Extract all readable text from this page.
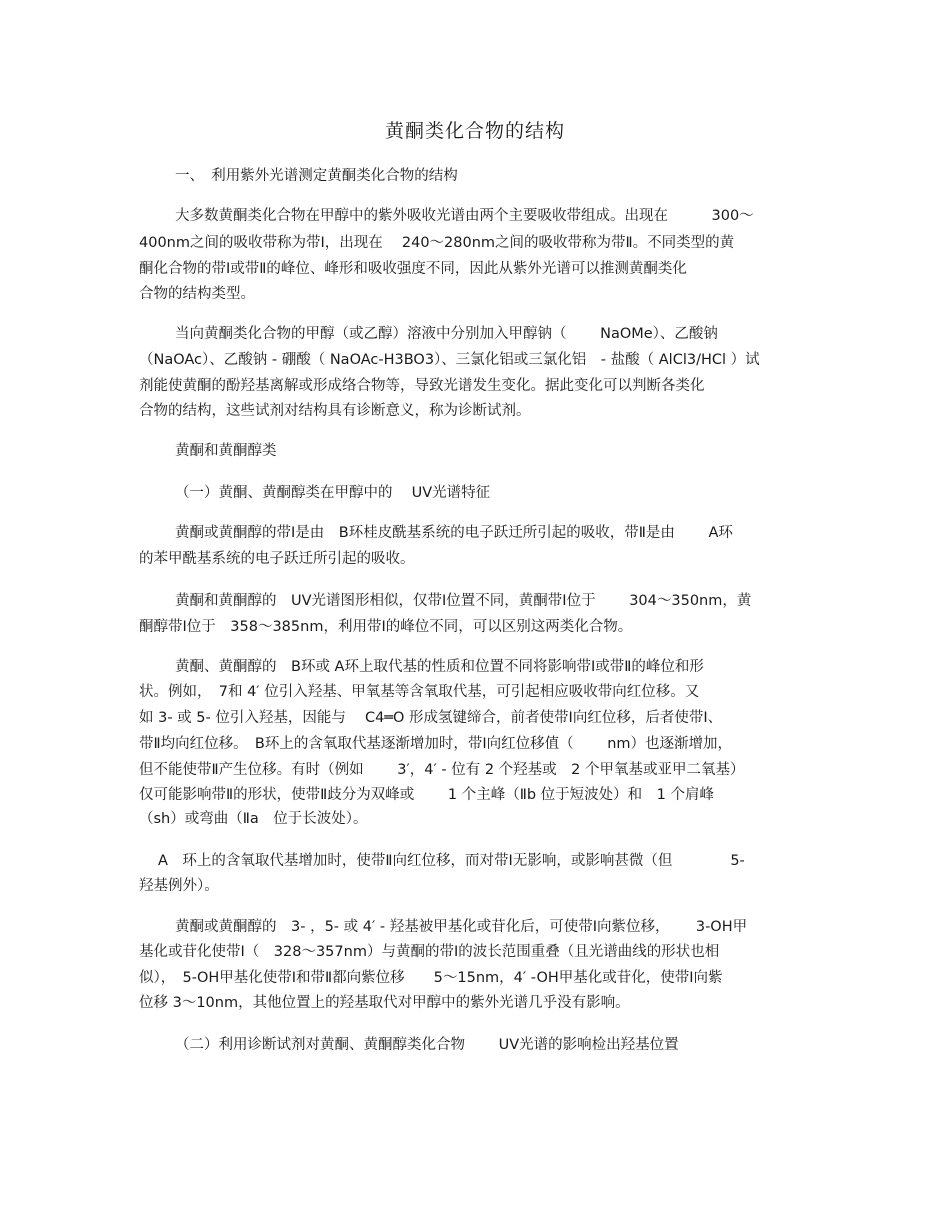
黄酮类化合物的结构
一、　利用紫外光谱测定黄酮类化合物的结构
大多数黄酮类化合物在甲醇中的紫外吸收光谱由两个主要吸收带组成。出现在　　　300～
400nm之间的吸收带称为带Ⅰ，出现在　 240～280nm之间的吸收带称为带Ⅱ。不同类型的黄
酮化合物的带Ⅰ或带Ⅱ的峰位、峰形和吸收强度不同，因此从紫外光谱可以推测黄酮类化
合物的结构类型。
当向黄酮类化合物的甲醇（或乙醇）溶液中分别加入甲醇钠（　　 NaOMe）、乙酸钠
（NaOAc）、乙酸钠 - 硼酸（ NaOAc-H3BO3）、三氯化铝或三氯化铝　- 盐酸（ AlCl3/HCl ）试
剂能使黄酮的酚羟基离解或形成络合物等，导致光谱发生变化。据此变化可以判断各类化
合物的结构，这些试剂对结构具有诊断意义，称为诊断试剂。
黄酮和黄酮醇类
（一）黄酮、黄酮醇类在甲醇中的　 UV光谱特征
黄酮或黄酮醇的带Ⅰ是由　B环桂皮酰基系统的电子跃迁所引起的吸收，带Ⅱ是由　　 A环
的苯甲酰基系统的电子跃迁所引起的吸收。
黄酮和黄酮醇的　UV光谱图形相似，仅带Ⅰ位置不同，黄酮带Ⅰ位于　　 304～350nm，黄
酮醇带Ⅰ位于　358～385nm，利用带Ⅰ的峰位不同，可以区别这两类化合物。
黄酮、黄酮醇的　B环或 A环上取代基的性质和位置不同将影响带Ⅰ或带Ⅱ的峰位和形
状。例如，　7和 4′ 位引入羟基、甲氧基等含氧取代基，可引起相应吸收带向红位移。又
如 3- 或 5- 位引入羟基，因能与　 C4═O 形成氢键缔合，前者使带Ⅰ向红位移，后者使带Ⅰ、
带Ⅱ均向红位移。　B环上的含氧取代基逐渐增加时，带Ⅰ向红位移值（　　 nm）也逐渐增加，
但不能使带Ⅱ产生位移。有时（例如　　 3′，4′ - 位有 2 个羟基或　2 个甲氧基或亚甲二氧基）
仅可能影响带Ⅱ的形状，使带Ⅱ歧分为双峰或　　 1 个主峰（Ⅱb 位于短波处）和　1 个肩峰
（sh）或弯曲（Ⅱa　位于长波处）。
A　环上的含氧取代基增加时，使带Ⅱ向红位移，而对带Ⅰ无影响，或影响甚微（但　　　　5-
羟基例外）。
黄酮或黄酮醇的　3- ，5- 或 4′ - 羟基被甲基化或苷化后，可使带Ⅰ向紫位移，　　 3-OH甲
基化或苷化使带Ⅰ（　328～357nm）与黄酮的带Ⅰ的波长范围重叠（且光谱曲线的形状也相
似），　5-OH甲基化使带Ⅰ和带Ⅱ都向紫位移　　5～15nm，4′ -OH甲基化或苷化，使带Ⅰ向紫
位移 3～10nm，其他位置上的羟基取代对甲醇中的紫外光谱几乎没有影响。
（二）利用诊断试剂对黄酮、黄酮醇类化合物　　 UV光谱的影响检出羟基位置
